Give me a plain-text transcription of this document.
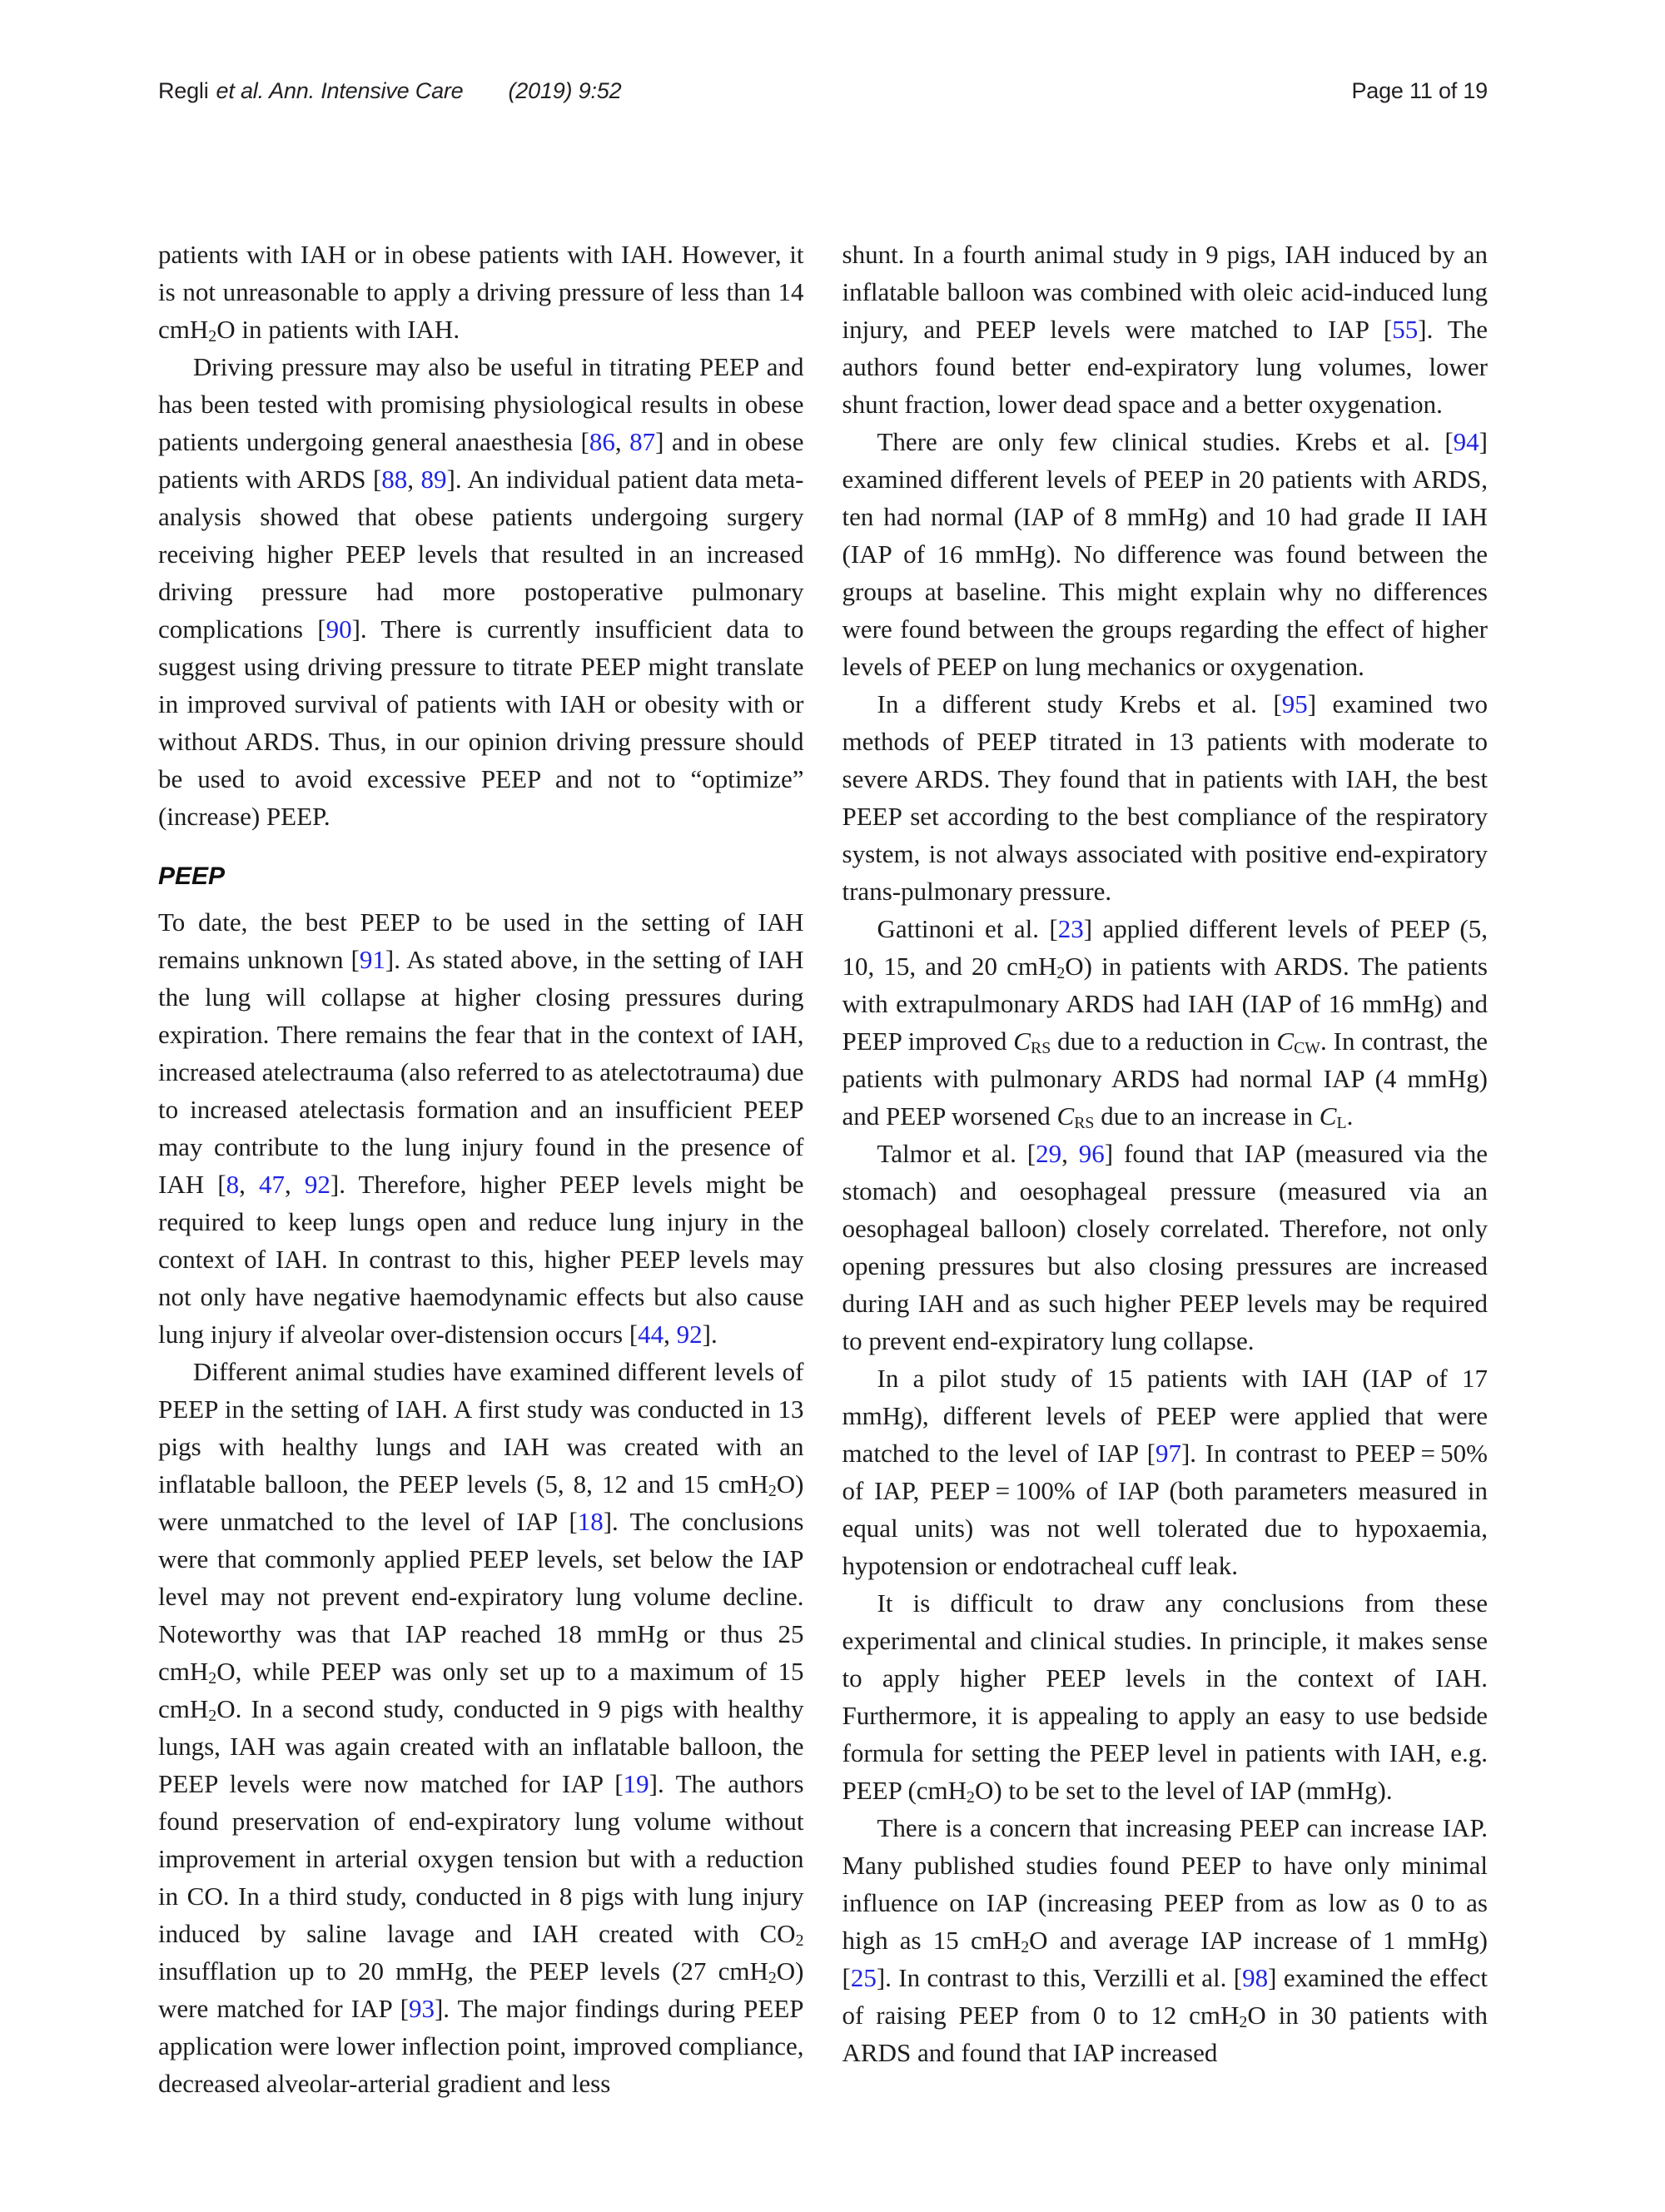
Regli et al. Ann. Intensive Care (2019) 9:52	Page 11 of 19

patients with IAH or in obese patients with IAH. However, it is not unreasonable to apply a driving pressure of less than 14 cmH2O in patients with IAH.

Driving pressure may also be useful in titrating PEEP and has been tested with promising physiological results in obese patients undergoing general anaesthesia [86, 87] and in obese patients with ARDS [88, 89]. An individual patient data meta-analysis showed that obese patients undergoing surgery receiving higher PEEP levels that resulted in an increased driving pressure had more postoperative pulmonary complications [90]. There is currently insufficient data to suggest using driving pressure to titrate PEEP might translate in improved survival of patients with IAH or obesity with or without ARDS. Thus, in our opinion driving pressure should be used to avoid excessive PEEP and not to “optimize” (increase) PEEP.

PEEP

To date, the best PEEP to be used in the setting of IAH remains unknown [91]. As stated above, in the setting of IAH the lung will collapse at higher closing pressures during expiration. There remains the fear that in the context of IAH, increased atelectrauma (also referred to as atelectotrauma) due to increased atelectasis formation and an insufficient PEEP may contribute to the lung injury found in the presence of IAH [8, 47, 92]. Therefore, higher PEEP levels might be required to keep lungs open and reduce lung injury in the context of IAH. In contrast to this, higher PEEP levels may not only have negative haemodynamic effects but also cause lung injury if alveolar over-distension occurs [44, 92].

Different animal studies have examined different levels of PEEP in the setting of IAH. A first study was conducted in 13 pigs with healthy lungs and IAH was created with an inflatable balloon, the PEEP levels (5, 8, 12 and 15 cmH2O) were unmatched to the level of IAP [18]. The conclusions were that commonly applied PEEP levels, set below the IAP level may not prevent end-expiratory lung volume decline. Noteworthy was that IAP reached 18 mmHg or thus 25 cmH2O, while PEEP was only set up to a maximum of 15 cmH2O. In a second study, conducted in 9 pigs with healthy lungs, IAH was again created with an inflatable balloon, the PEEP levels were now matched for IAP [19]. The authors found preservation of end-expiratory lung volume without improvement in arterial oxygen tension but with a reduction in CO. In a third study, conducted in 8 pigs with lung injury induced by saline lavage and IAH created with CO2 insufflation up to 20 mmHg, the PEEP levels (27 cmH2O) were matched for IAP [93]. The major findings during PEEP application were lower inflection point, improved compliance, decreased alveolar-arterial gradient and less

shunt. In a fourth animal study in 9 pigs, IAH induced by an inflatable balloon was combined with oleic acid-induced lung injury, and PEEP levels were matched to IAP [55]. The authors found better end-expiratory lung volumes, lower shunt fraction, lower dead space and a better oxygenation.

There are only few clinical studies. Krebs et al. [94] examined different levels of PEEP in 20 patients with ARDS, ten had normal (IAP of 8 mmHg) and 10 had grade II IAH (IAP of 16 mmHg). No difference was found between the groups at baseline. This might explain why no differences were found between the groups regarding the effect of higher levels of PEEP on lung mechanics or oxygenation.

In a different study Krebs et al. [95] examined two methods of PEEP titrated in 13 patients with moderate to severe ARDS. They found that in patients with IAH, the best PEEP set according to the best compliance of the respiratory system, is not always associated with positive end-expiratory trans-pulmonary pressure.

Gattinoni et al. [23] applied different levels of PEEP (5, 10, 15, and 20 cmH2O) in patients with ARDS. The patients with extrapulmonary ARDS had IAH (IAP of 16 mmHg) and PEEP improved CRS due to a reduction in CCW. In contrast, the patients with pulmonary ARDS had normal IAP (4 mmHg) and PEEP worsened CRS due to an increase in CL.

Talmor et al. [29, 96] found that IAP (measured via the stomach) and oesophageal pressure (measured via an oesophageal balloon) closely correlated. Therefore, not only opening pressures but also closing pressures are increased during IAH and as such higher PEEP levels may be required to prevent end-expiratory lung collapse.

In a pilot study of 15 patients with IAH (IAP of 17 mmHg), different levels of PEEP were applied that were matched to the level of IAP [97]. In contrast to PEEP = 50% of IAP, PEEP = 100% of IAP (both parameters measured in equal units) was not well tolerated due to hypoxaemia, hypotension or endotracheal cuff leak.

It is difficult to draw any conclusions from these experimental and clinical studies. In principle, it makes sense to apply higher PEEP levels in the context of IAH. Furthermore, it is appealing to apply an easy to use bedside formula for setting the PEEP level in patients with IAH, e.g. PEEP (cmH2O) to be set to the level of IAP (mmHg).

There is a concern that increasing PEEP can increase IAP. Many published studies found PEEP to have only minimal influence on IAP (increasing PEEP from as low as 0 to as high as 15 cmH2O and average IAP increase of 1 mmHg) [25]. In contrast to this, Verzilli et al. [98] examined the effect of raising PEEP from 0 to 12 cmH2O in 30 patients with ARDS and found that IAP increased
